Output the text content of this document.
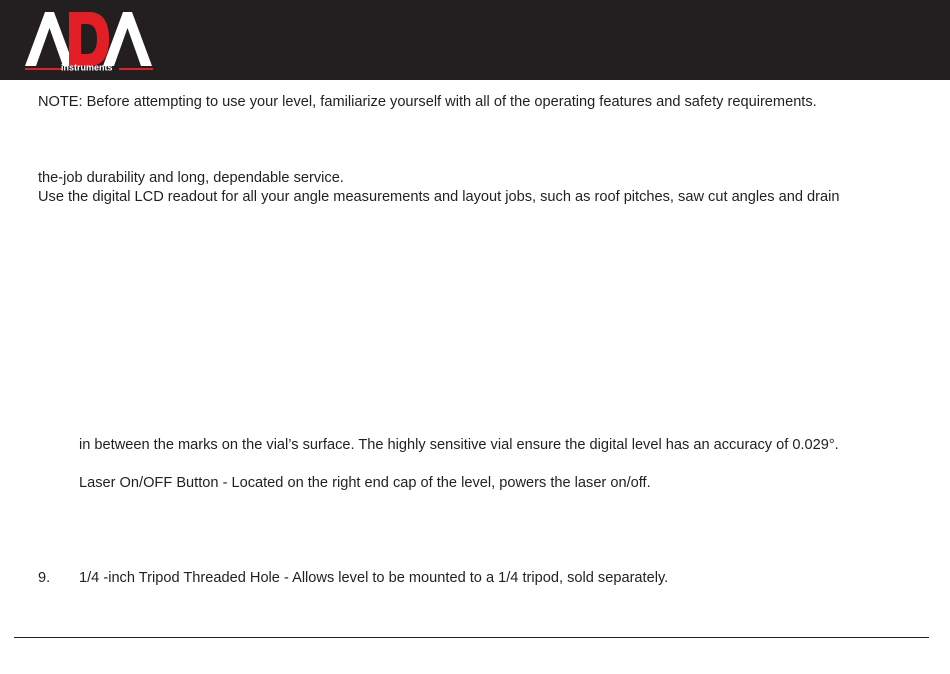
instruments

NOTE: Before attempting to use your level, familiarize yourself with all of the operating features and safety requirements.

the-job durability and long, dependable service.

Use the digital LCD readout for all your angle measurements and layout jobs, such as roof pitches, saw cut angles and drain

in between the marks on the vial’s surface. The highly sensitive vial ensure the digital level has an accuracy of 0.029°.

Laser On/OFF Button - Located on the right end cap of the level, powers the laser on/off.

9. 1/4 -inch Tripod Threaded Hole - Allows level to be mounted to a 1/4 tripod, sold separately.
